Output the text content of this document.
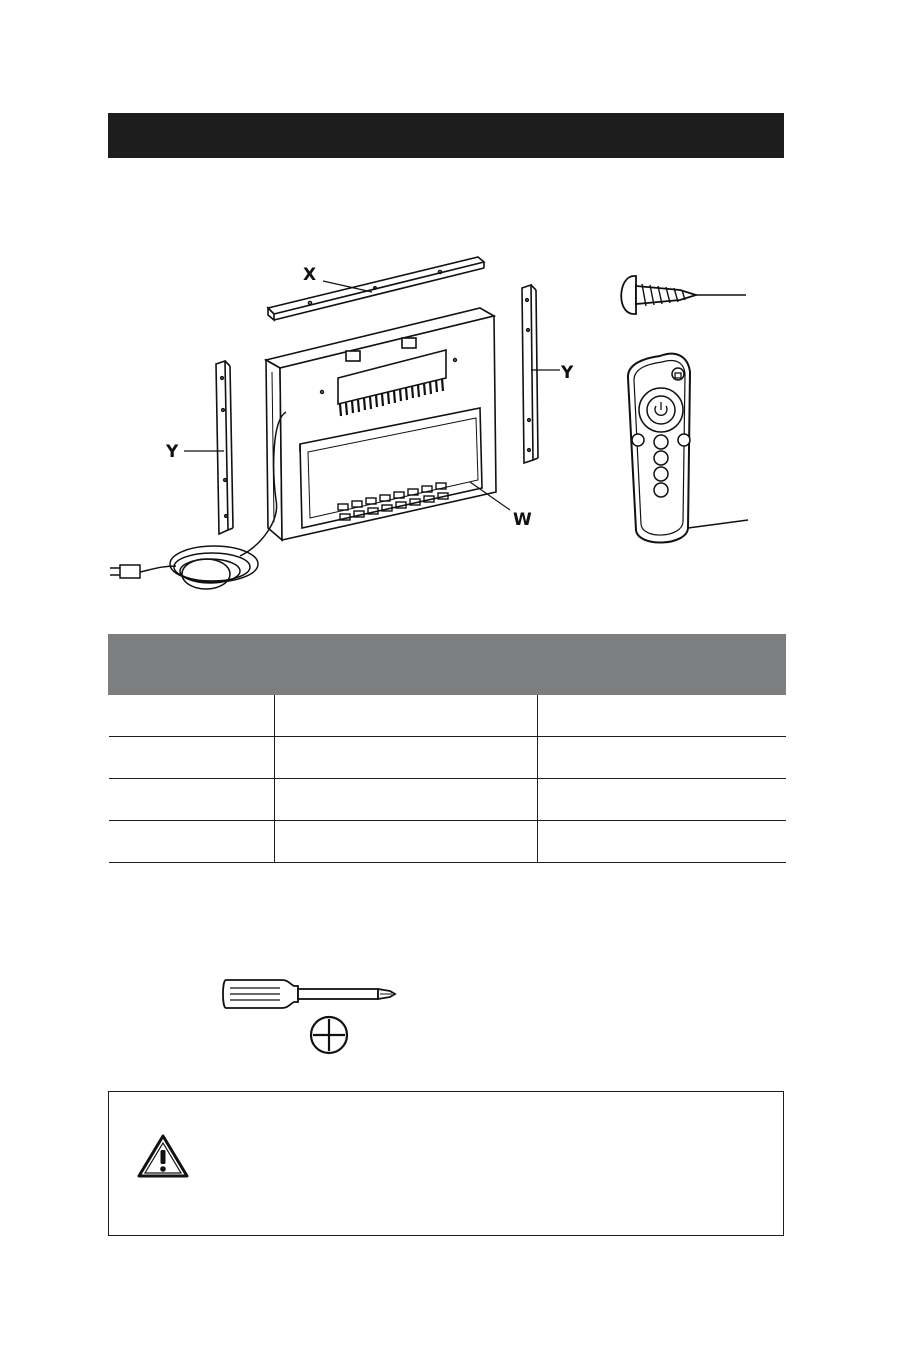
X
Y
Y
W
